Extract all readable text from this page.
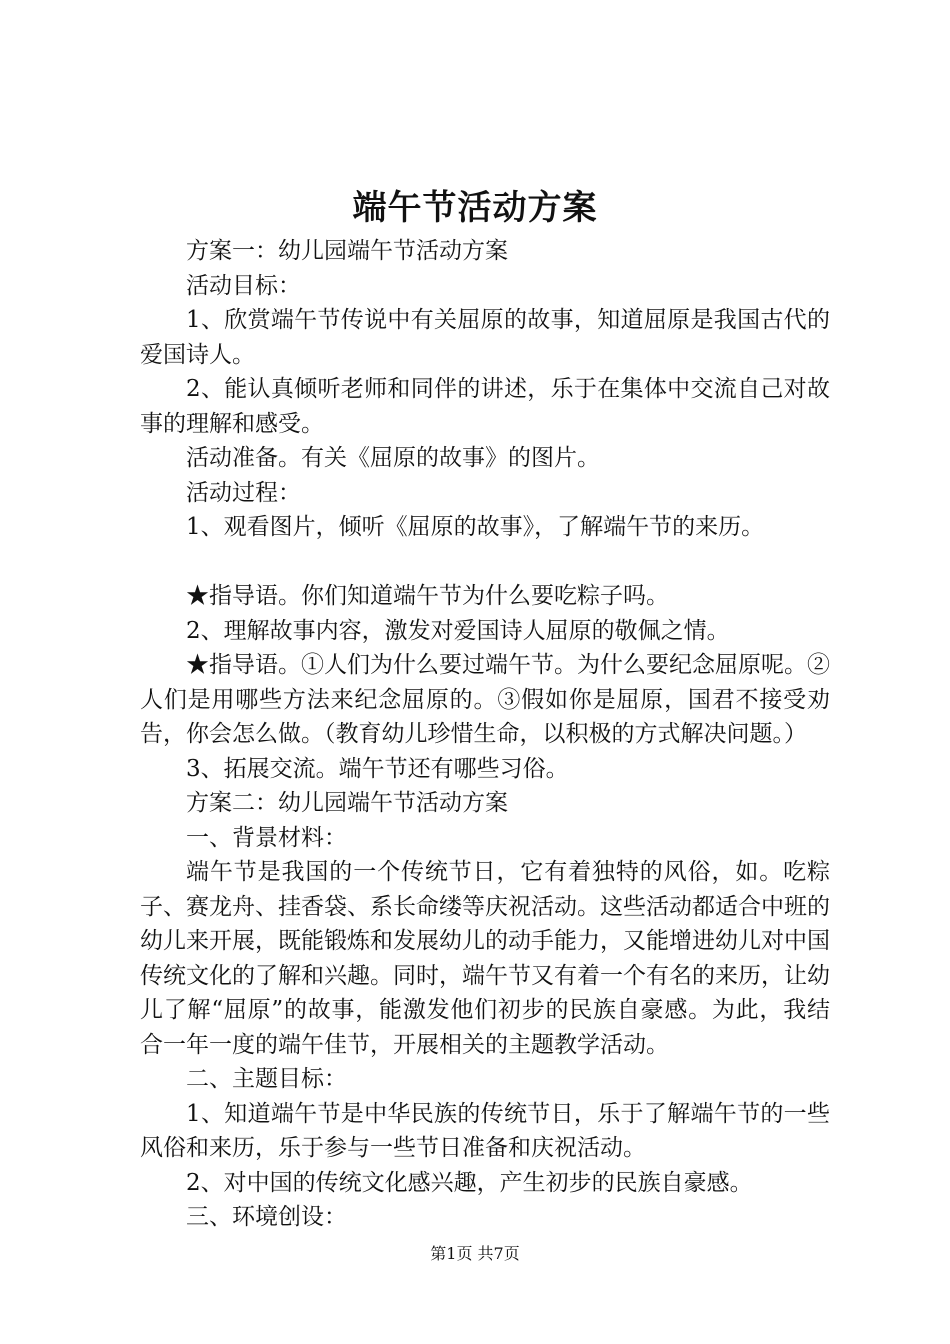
端午节活动方案

方案一：幼儿园端午节活动方案

活动目标：

1、欣赏端午节传说中有关屈原的故事，知道屈原是我国古代的爱国诗人。

2、能认真倾听老师和同伴的讲述，乐于在集体中交流自己对故事的理解和感受。

活动准备。有关《屈原的故事》的图片。

活动过程：

1、观看图片，倾听《屈原的故事》，了解端午节的来历。

★指导语。你们知道端午节为什么要吃粽子吗。

2、理解故事内容，激发对爱国诗人屈原的敬佩之情。

★指导语。①人们为什么要过端午节。为什么要纪念屈原呢。②人们是用哪些方法来纪念屈原的。③假如你是屈原，国君不接受劝告，你会怎么做。（教育幼儿珍惜生命，以积极的方式解决问题。）

3、拓展交流。端午节还有哪些习俗。

方案二：幼儿园端午节活动方案

一、背景材料：

端午节是我国的一个传统节日，它有着独特的风俗，如。吃粽子、赛龙舟、挂香袋、系长命缕等庆祝活动。这些活动都适合中班的幼儿来开展，既能锻炼和发展幼儿的动手能力，又能增进幼儿对中国传统文化的了解和兴趣。同时，端午节又有着一个有名的来历，让幼儿了解“屈原”的故事，能激发他们初步的民族自豪感。为此，我结合一年一度的端午佳节，开展相关的主题教学活动。

二、主题目标：

1、知道端午节是中华民族的传统节日，乐于了解端午节的一些风俗和来历，乐于参与一些节日准备和庆祝活动。

2、对中国的传统文化感兴趣，产生初步的民族自豪感。

三、环境创设：

第1页 共7页
